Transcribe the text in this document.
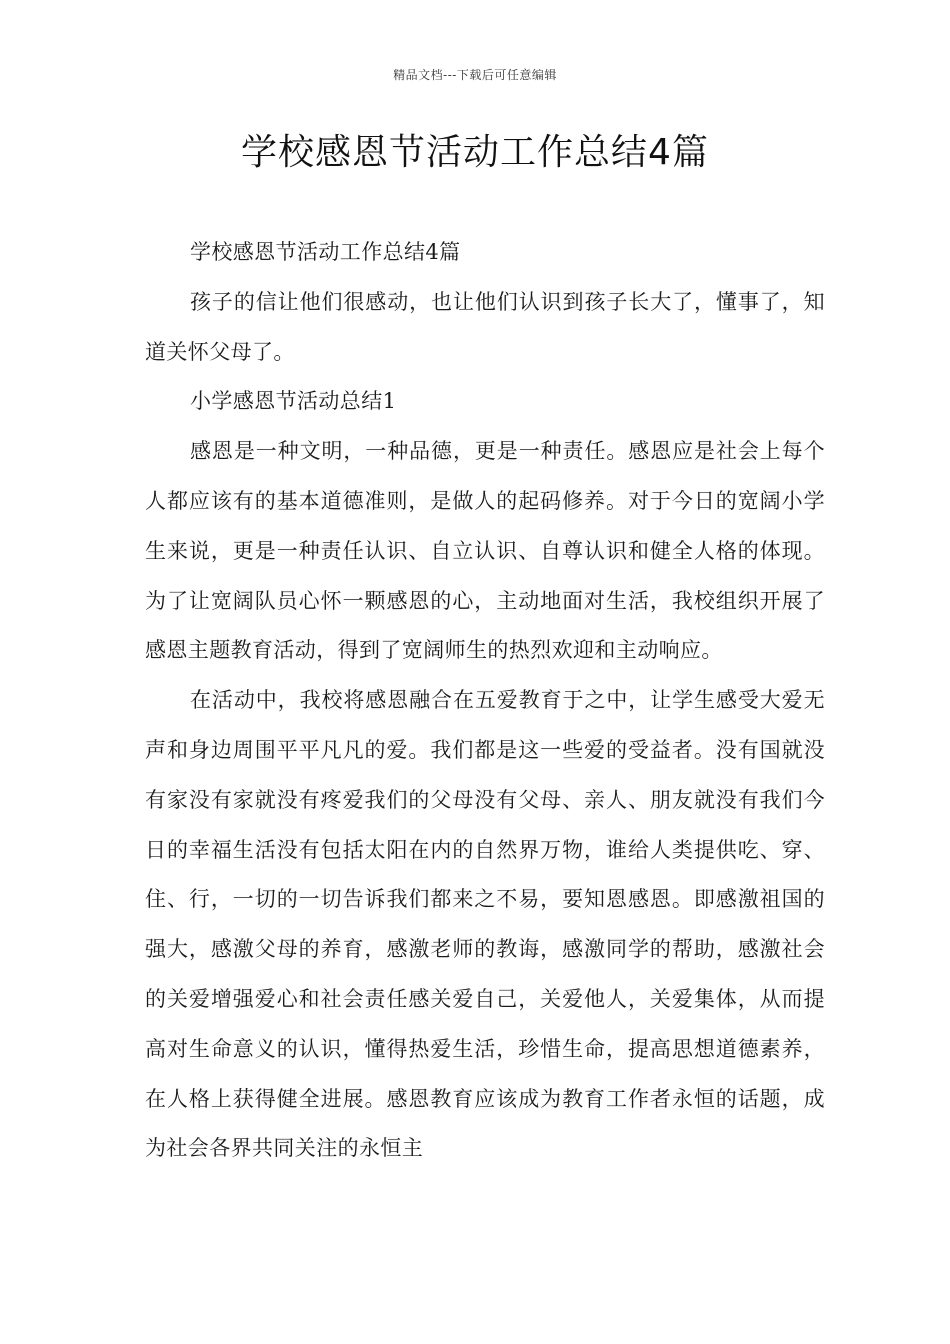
精品文档---下载后可任意编辑
学校感恩节活动工作总结4篇

学校感恩节活动工作总结4篇

孩子的信让他们很感动，也让他们认识到孩子长大了，懂事了，知道关怀父母了。

小学感恩节活动总结1

感恩是一种文明，一种品德，更是一种责任。感恩应是社会上每个人都应该有的基本道德准则，是做人的起码修养。对于今日的宽阔小学生来说，更是一种责任认识、自立认识、自尊认识和健全人格的体现。为了让宽阔队员心怀一颗感恩的心，主动地面对生活，我校组织开展了感恩主题教育活动，得到了宽阔师生的热烈欢迎和主动响应。

在活动中，我校将感恩融合在五爱教育于之中，让学生感受大爱无声和身边周围平平凡凡的爱。我们都是这一些爱的受益者。没有国就没有家没有家就没有疼爱我们的父母没有父母、亲人、朋友就没有我们今日的幸福生活没有包括太阳在内的自然界万物，谁给人类提供吃、穿、住、行，一切的一切告诉我们都来之不易，要知恩感恩。即感激祖国的强大，感激父母的养育，感激老师的教诲，感激同学的帮助，感激社会的关爱增强爱心和社会责任感关爱自己，关爱他人，关爱集体，从而提高对生命意义的认识，懂得热爱生活，珍惜生命，提高思想道德素养，在人格上获得健全进展。感恩教育应该成为教育工作者永恒的话题，成为社会各界共同关注的永恒主
